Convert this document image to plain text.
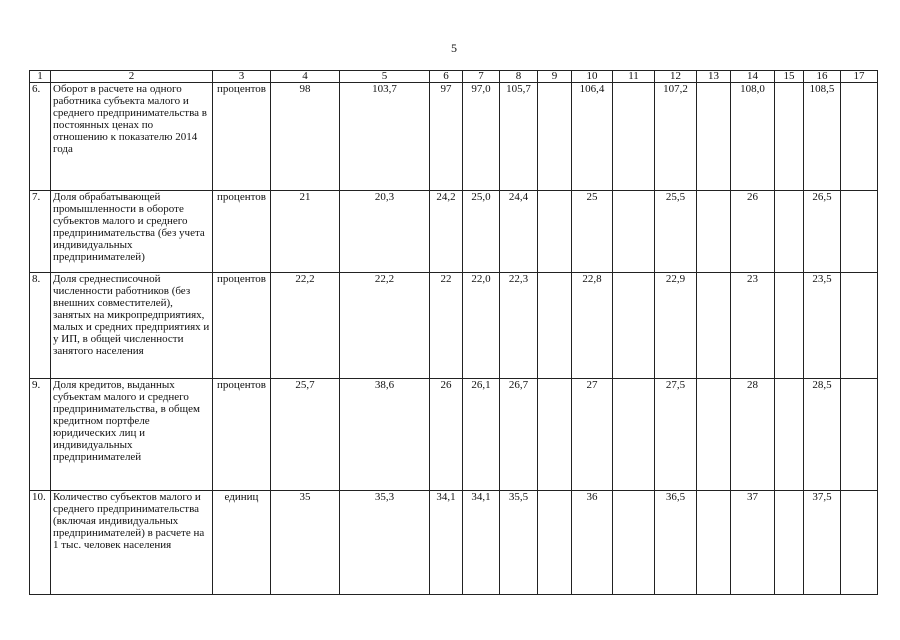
5
1	2	3	4	5	6	7	8	9	10	11	12	13	14	15	16	17
6.	Оборот в расчете на одного работника субъекта малого и среднего предпринимательства в постоянных ценах по отношению к показателю 2014 года	процентов	98	103,7	97	97,0	105,7		106,4		107,2		108,0		108,5	
7.	Доля обрабатывающей промышленности в обороте субъектов малого и среднего предпринимательства (без учета индивидуальных предпринимателей)	процентов	21	20,3	24,2	25,0	24,4		25		25,5		26		26,5	
8.	Доля среднесписочной численности работников (без внешних совместителей), занятых на микропредприятиях, малых и средних предприятиях и у ИП, в общей численности занятого населения	процентов	22,2	22,2	22	22,0	22,3		22,8		22,9		23		23,5	
9.	Доля кредитов, выданных субъектам малого и среднего предпринимательства, в общем кредитном портфеле юридических лиц и индивидуальных предпринимателей	процентов	25,7	38,6	26	26,1	26,7		27		27,5		28		28,5	
10.	Количество субъектов малого и среднего предпринимательства (включая индивидуальных предпринимателей) в расчете на 1 тыс. человек населения	единиц	35	35,3	34,1	34,1	35,5		36		36,5		37		37,5	
